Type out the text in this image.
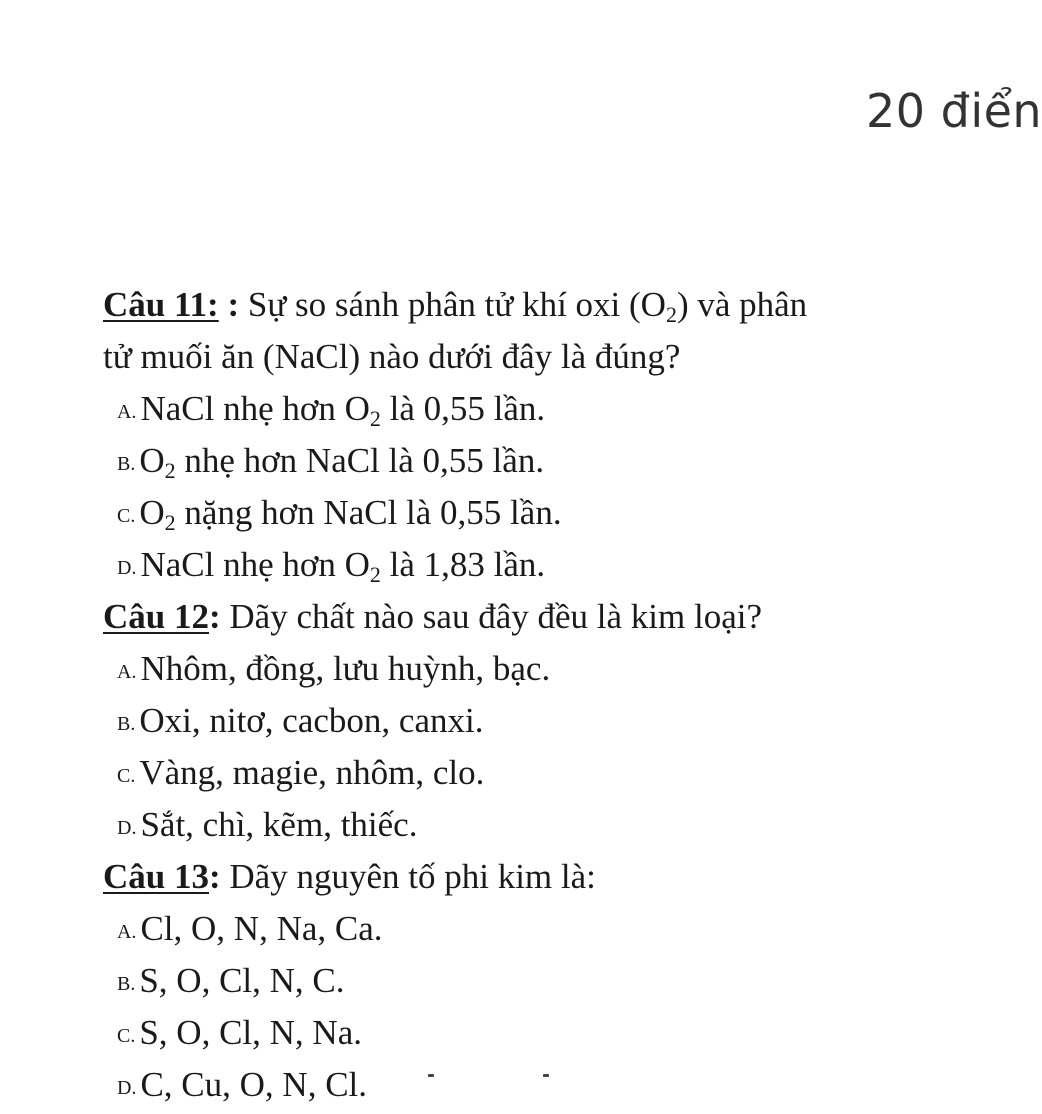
20 điển
Câu 11: : Sự so sánh phân tử khí oxi $(O_2)$ và phân
tử muối ăn (NaCl) nào dưới đây là đúng?
A. NaCl nhẹ hơn $O_2$ là 0,55 lần.
B. $O_2$ nhẹ hơn NaCl là 0,55 lần.
C. $O_2$ nặng hơn NaCl là 0,55 lần.
D. NaCl nhẹ hơn $O_2$ là 1,83 lần.
Câu 12: Dãy chất nào sau đây đều là kim loại?
A. Nhôm, đồng, lưu huỳnh, bạc.
B. Oxi, nitơ, cacbon, canxi.
C. Vàng, magie, nhôm, clo.
D. Sắt, chì, kẽm, thiếc.
Câu 13: Dãy nguyên tố phi kim là:
A. Cl, O, N, Na, Ca.
B. S, O, Cl, N, C.
C. S, O, Cl, N, Na.
D. C, Cu, O, N, Cl.
